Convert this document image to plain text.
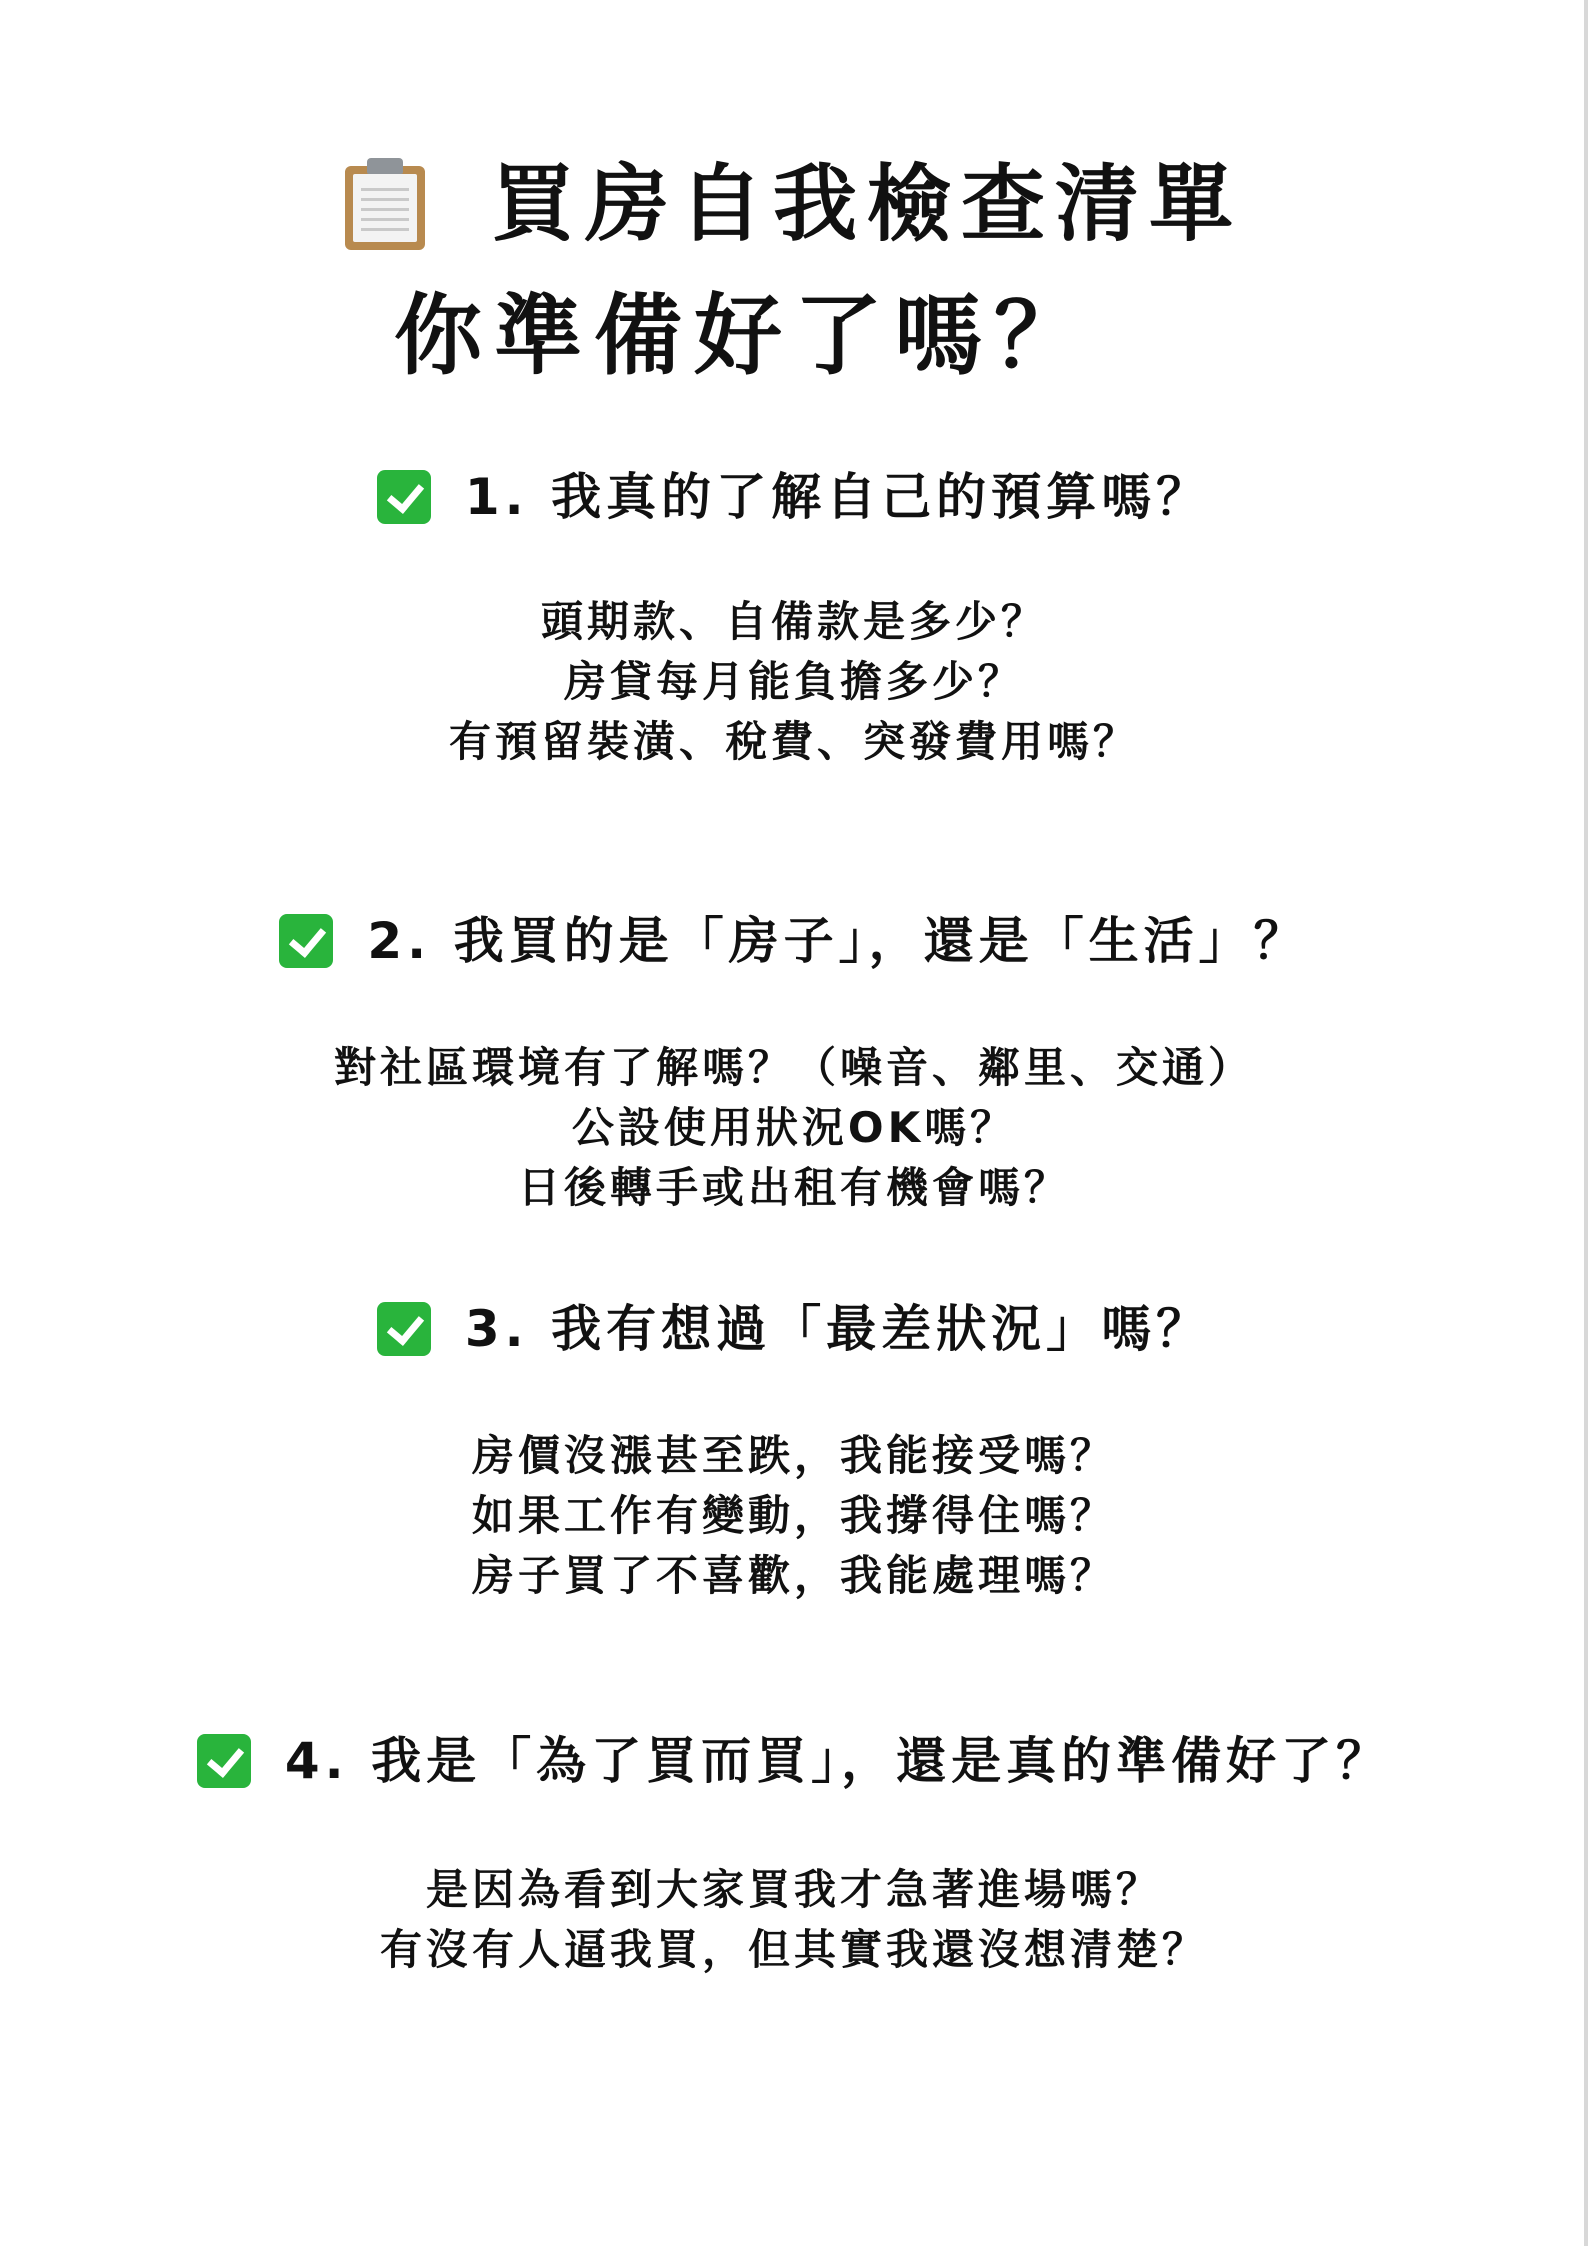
買房自我檢查清單
你準備好了嗎？
1. 我真的了解自己的預算嗎？
頭期款、自備款是多少？
房貸每月能負擔多少？
有預留裝潢、稅費、突發費用嗎？
2. 我買的是「房子」，還是「生活」？
對社區環境有了解嗎？（噪音、鄰里、交通）
公設使用狀況OK嗎？
日後轉手或出租有機會嗎？
3. 我有想過「最差狀況」嗎？
房價沒漲甚至跌，我能接受嗎？
如果工作有變動，我撐得住嗎？
房子買了不喜歡，我能處理嗎？
4. 我是「為了買而買」，還是真的準備好了？
是因為看到大家買我才急著進場嗎？
有沒有人逼我買，但其實我還沒想清楚？
